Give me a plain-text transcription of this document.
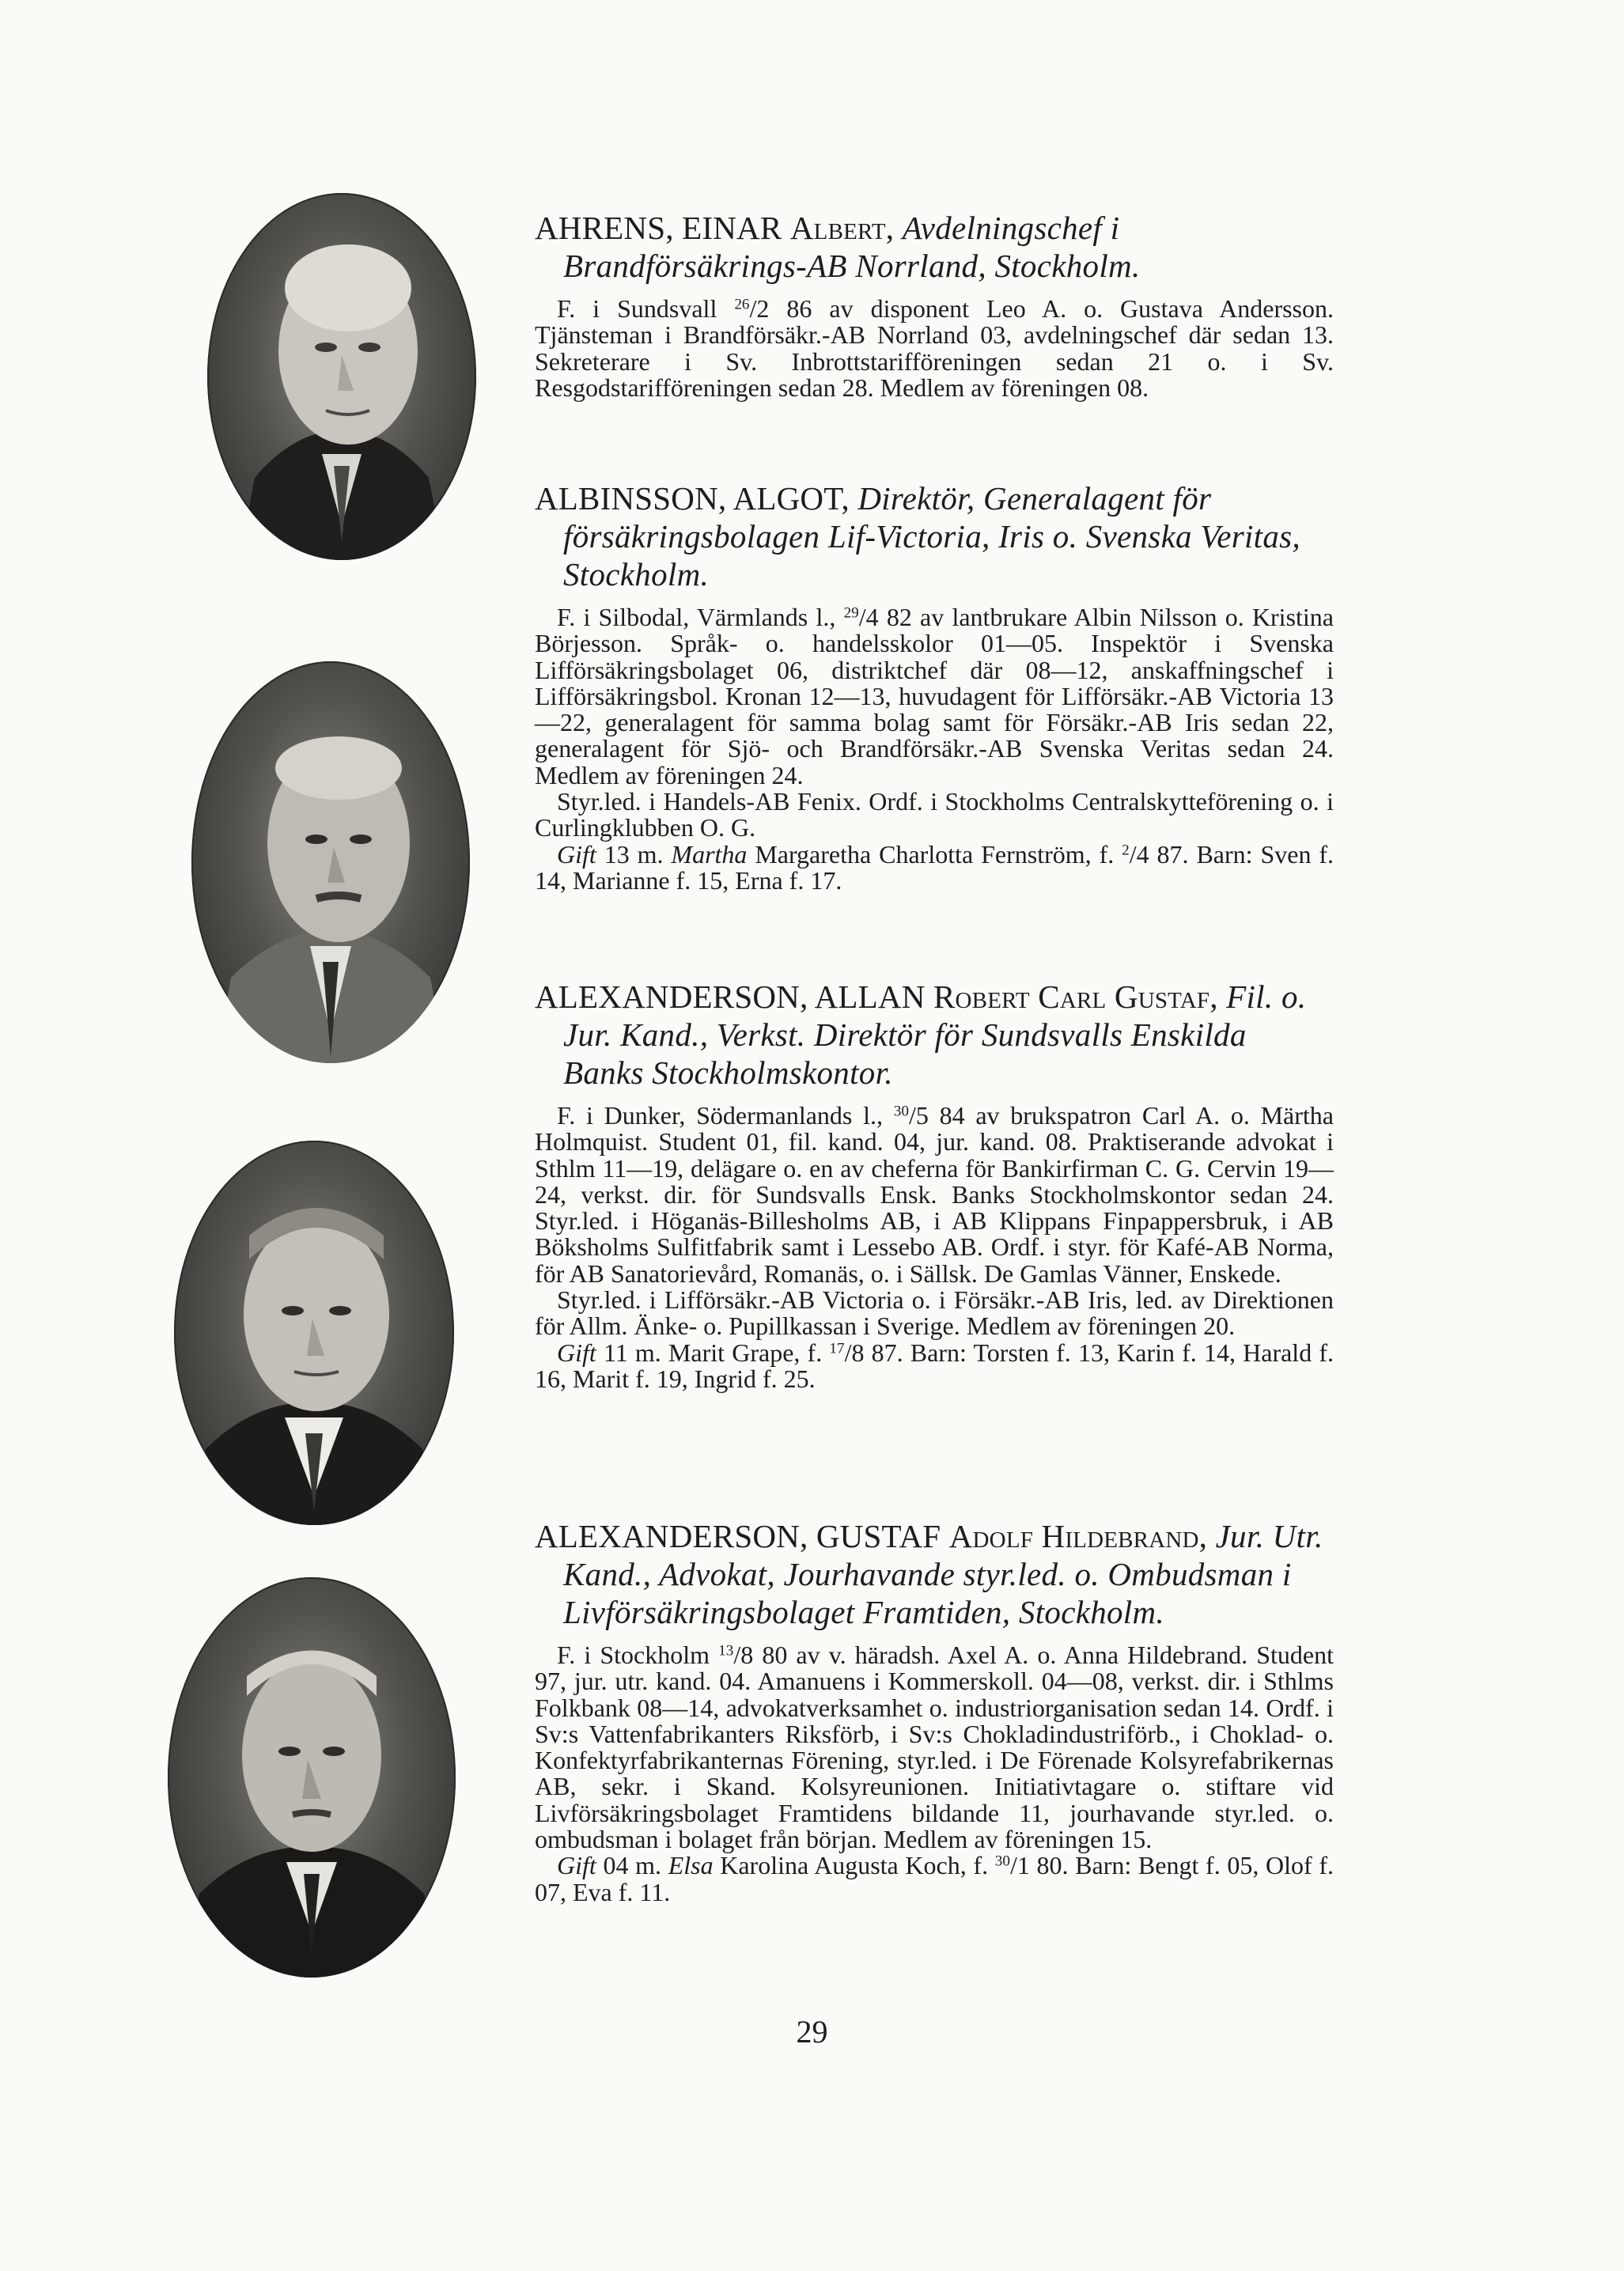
AHRENS, EINAR Albert, Avdelningschef i Brandförsäkrings-AB Norrland, Stockholm.

F. i Sundsvall $^{26}$/2 86 av disponent Leo A. o. Gustava Andersson. Tjänsteman i Brandförsäkr.-AB Norrland 03, avdelningschef där sedan 13. Sekreterare i Sv. Inbrottstarifföreningen sedan 21 o. i Sv. Resgodstarifföreningen sedan 28. Medlem av föreningen 08.

ALBINSSON, ALGOT, Direktör, Generalagent för försäkringsbolagen Lif-Victoria, Iris o. Svenska Veritas, Stockholm.

F. i Silbodal, Värmlands l., $^{29}$/4 82 av lantbrukare Albin Nilsson o. Kristina Börjesson. Språk- o. handelsskolor 01—05. Inspektör i Svenska Lifförsäkringsbolaget 06, distriktchef där 08—12, anskaffningschef i Lifförsäkringsbol. Kronan 12—13, huvudagent för Lifförsäkr.-AB Victoria 13—22, generalagent för samma bolag samt för Försäkr.-AB Iris sedan 22, generalagent för Sjö- och Brandförsäkr.-AB Svenska Veritas sedan 24. Medlem av föreningen 24.

Styr.led. i Handels-AB Fenix. Ordf. i Stockholms Centralskytteförening o. i Curlingklubben O. G.

Gift 13 m. Martha Margaretha Charlotta Fernström, f. $^2$/4 87. Barn: Sven f. 14, Marianne f. 15, Erna f. 17.

ALEXANDERSON, ALLAN Robert Carl Gustaf, Fil. o. Jur. Kand., Verkst. Direktör för Sundsvalls Enskilda Banks Stockholmskontor.

F. i Dunker, Södermanlands l., $^{30}$/5 84 av brukspatron Carl A. o. Märtha Holmquist. Student 01, fil. kand. 04, jur. kand. 08. Praktiserande advokat i Sthlm 11—19, delägare o. en av cheferna för Bankirfirman C. G. Cervin 19—24, verkst. dir. för Sundsvalls Ensk. Banks Stockholmskontor sedan 24. Styr.led. i Höganäs-Billesholms AB, i AB Klippans Finpappersbruk, i AB Böksholms Sulfitfabrik samt i Lessebo AB. Ordf. i styr. för Kafé-AB Norma, för AB Sanatorievård, Romanäs, o. i Sällsk. De Gamlas Vänner, Enskede.

Styr.led. i Lifförsäkr.-AB Victoria o. i Försäkr.-AB Iris, led. av Direktionen för Allm. Änke- o. Pupillkassan i Sverige. Medlem av föreningen 20.

Gift 11 m. Marit Grape, f. $^{17}$/8 87. Barn: Torsten f. 13, Karin f. 14, Harald f. 16, Marit f. 19, Ingrid f. 25.

ALEXANDERSON, GUSTAF Adolf Hildebrand, Jur. Utr. Kand., Advokat, Jourhavande styr.led. o. Ombudsman i Livförsäkringsbolaget Framtiden, Stockholm.

F. i Stockholm $^{13}$/8 80 av v. häradsh. Axel A. o. Anna Hildebrand. Student 97, jur. utr. kand. 04. Amanuens i Kommerskoll. 04—08, verkst. dir. i Sthlms Folkbank 08—14, advokatverksamhet o. industriorganisation sedan 14. Ordf. i Sv:s Vattenfabrikanters Riksförb, i Sv:s Chokladindustriförb., i Choklad- o. Konfektyrfabrikanternas Förening, styr.led. i De Förenade Kolsyrefabrikernas AB, sekr. i Skand. Kolsyreunionen. Initiativtagare o. stiftare vid Livförsäkringsbolaget Framtidens bildande 11, jourhavande styr.led. o. ombudsman i bolaget från början. Medlem av föreningen 15.

Gift 04 m. Elsa Karolina Augusta Koch, f. $^{30}$/1 80. Barn: Bengt f. 05, Olof f. 07, Eva f. 11.

29
